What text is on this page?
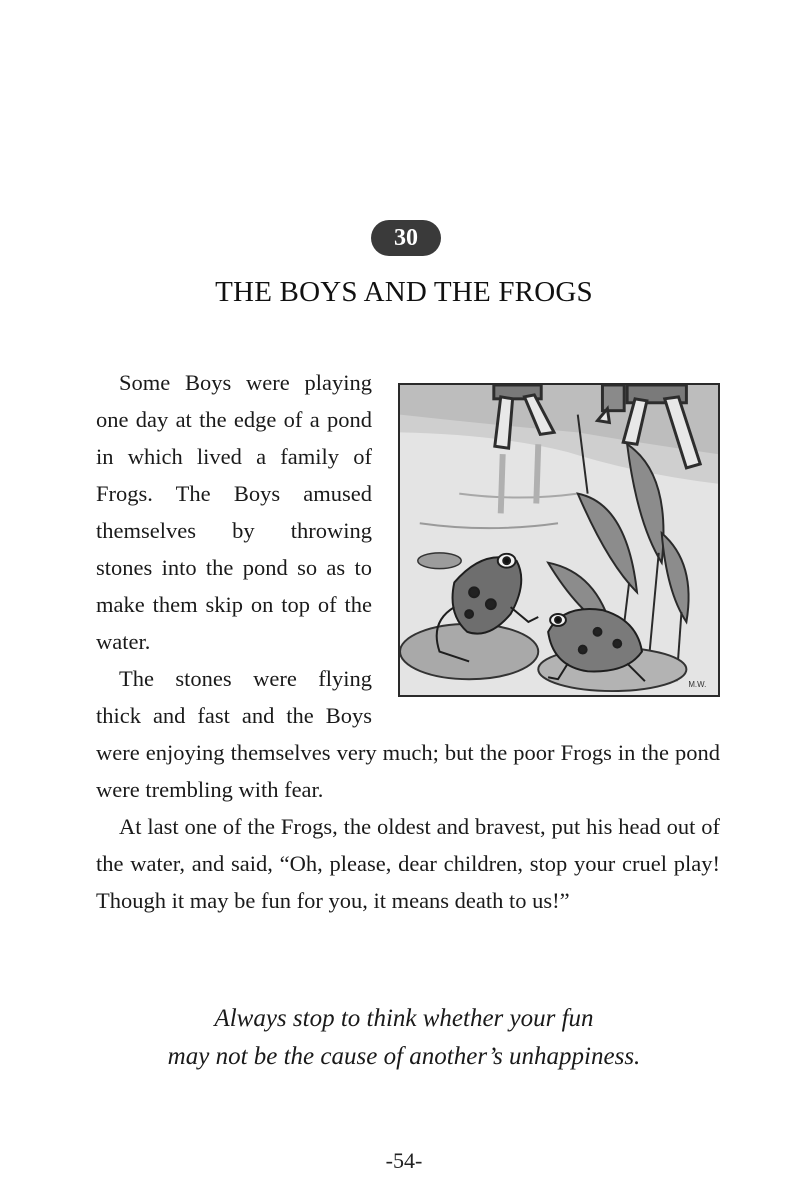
30
THE BOYS AND THE FROGS
M.W.

Some Boys were playing one day at the edge of a pond in which lived a family of Frogs. The Boys amused themselves by throwing stones into the pond so as to make them skip on top of the water.

The stones were flying thick and fast and the Boys were enjoying themselves very much; but the poor Frogs in the pond were trembling with fear.

At last one of the Frogs, the oldest and bravest, put his head out of the water, and said, “Oh, please, dear children, stop your cruel play! Though it may be fun for you, it means death to us!”

Always stop to think whether your fun
may not be the cause of another’s unhappiness.
-54-
